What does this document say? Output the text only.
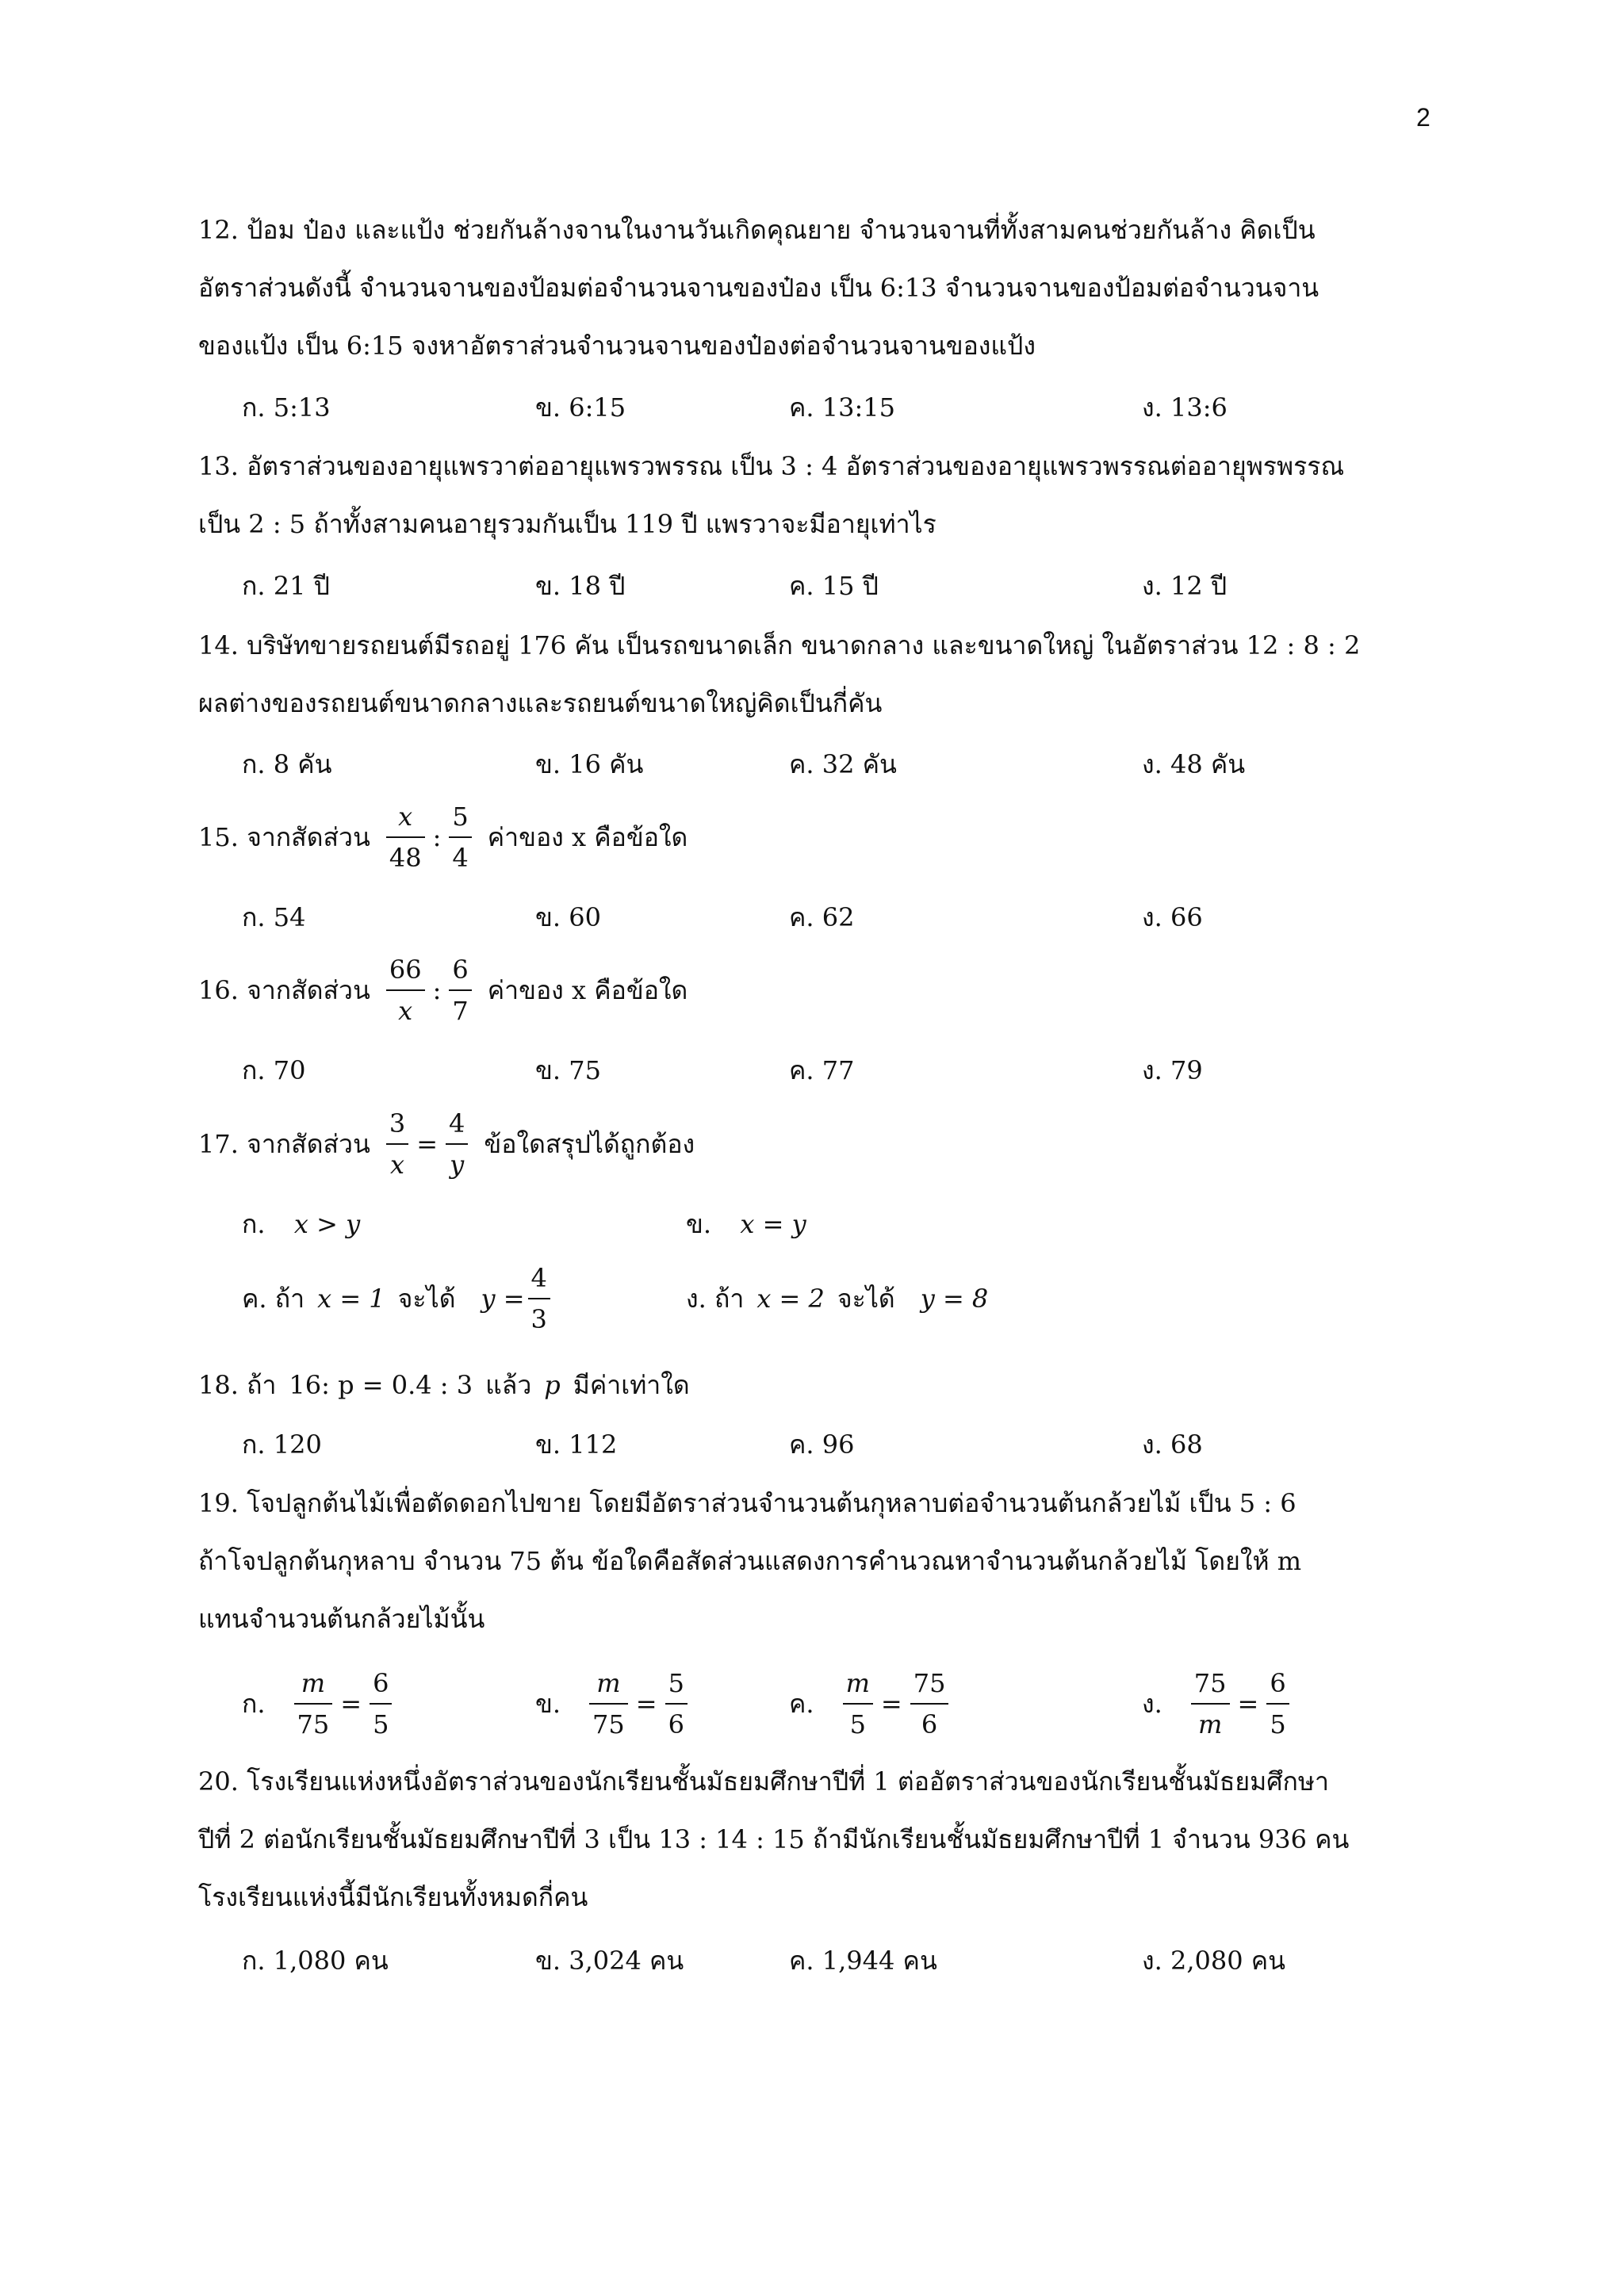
2
12. ป้อม ป๋อง และแป้ง ช่วยกันล้างจานในงานวันเกิดคุณยาย จำนวนจานที่ทั้งสามคนช่วยกันล้าง คิดเป็น
อัตราส่วนดังนี้ จำนวนจานของป้อมต่อจำนวนจานของป๋อง เป็น 6:13 จำนวนจานของป้อมต่อจำนวนจาน
ของแป้ง เป็น 6:15 จงหาอัตราส่วนจำนวนจานของป๋องต่อจำนวนจานของแป้ง
ก. 5:13	ข. 6:15	ค. 13:15	ง. 13:6
13. อัตราส่วนของอายุแพรวาต่ออายุแพรวพรรณ เป็น 3 : 4 อัตราส่วนของอายุแพรวพรรณต่ออายุพรพรรณ
เป็น 2 : 5 ถ้าทั้งสามคนอายุรวมกันเป็น 119 ปี แพรวาจะมีอายุเท่าไร
ก. 21 ปี	ข. 18 ปี	ค. 15 ปี	ง. 12 ปี
14. บริษัทขายรถยนต์มีรถอยู่ 176 คัน เป็นรถขนาดเล็ก ขนาดกลาง และขนาดใหญ่ ในอัตราส่วน 12 : 8 : 2
ผลต่างของรถยนต์ขนาดกลางและรถยนต์ขนาดใหญ่คิดเป็นกี่คัน
ก. 8 คัน	ข. 16 คัน	ค. 32 คัน	ง. 48 คัน
15. จากสัดส่วน $\frac{x}{48}$ : $\frac{5}{4}$ ค่าของ x คือข้อใด
ก. 54	ข. 60	ค. 62	ง. 66
16. จากสัดส่วน $\frac{66}{x}$ : $\frac{6}{7}$ ค่าของ x คือข้อใด
ก. 70	ข. 75	ค. 77	ง. 79
17. จากสัดส่วน $\frac{3}{x} = \frac{4}{y}$ ข้อใดสรุปได้ถูกต้อง
ก. x > y	ข. x = y
ค. ถ้า x = 1 จะได้ $y = \frac{4}{3}$	ง. ถ้า x = 2 จะได้ y = 8
18. ถ้า 16: p = 0.4 : 3 แล้ว p มีค่าเท่าใด
ก. 120	ข. 112	ค. 96	ง. 68
19. โจปลูกต้นไม้เพื่อตัดดอกไปขาย โดยมีอัตราส่วนจำนวนต้นกุหลาบต่อจำนวนต้นกล้วยไม้ เป็น 5 : 6
ถ้าโจปลูกต้นกุหลาบ จำนวน 75 ต้น ข้อใดคือสัดส่วนแสดงการคำนวณหาจำนวนต้นกล้วยไม้ โดยให้ m
แทนจำนวนต้นกล้วยไม้นั้น
ก. $\frac{m}{75} = \frac{6}{5}$	ข. $\frac{m}{75} = \frac{5}{6}$	ค. $\frac{m}{5} = \frac{75}{6}$	ง. $\frac{75}{m} = \frac{6}{5}$
20. โรงเรียนแห่งหนึ่งอัตราส่วนของนักเรียนชั้นมัธยมศึกษาปีที่ 1 ต่ออัตราส่วนของนักเรียนชั้นมัธยมศึกษา
ปีที่ 2 ต่อนักเรียนชั้นมัธยมศึกษาปีที่ 3 เป็น 13 : 14 : 15 ถ้ามีนักเรียนชั้นมัธยมศึกษาปีที่ 1 จำนวน 936 คน
โรงเรียนแห่งนี้มีนักเรียนทั้งหมดกี่คน
ก. 1,080 คน	ข. 3,024 คน	ค. 1,944 คน	ง. 2,080 คน
